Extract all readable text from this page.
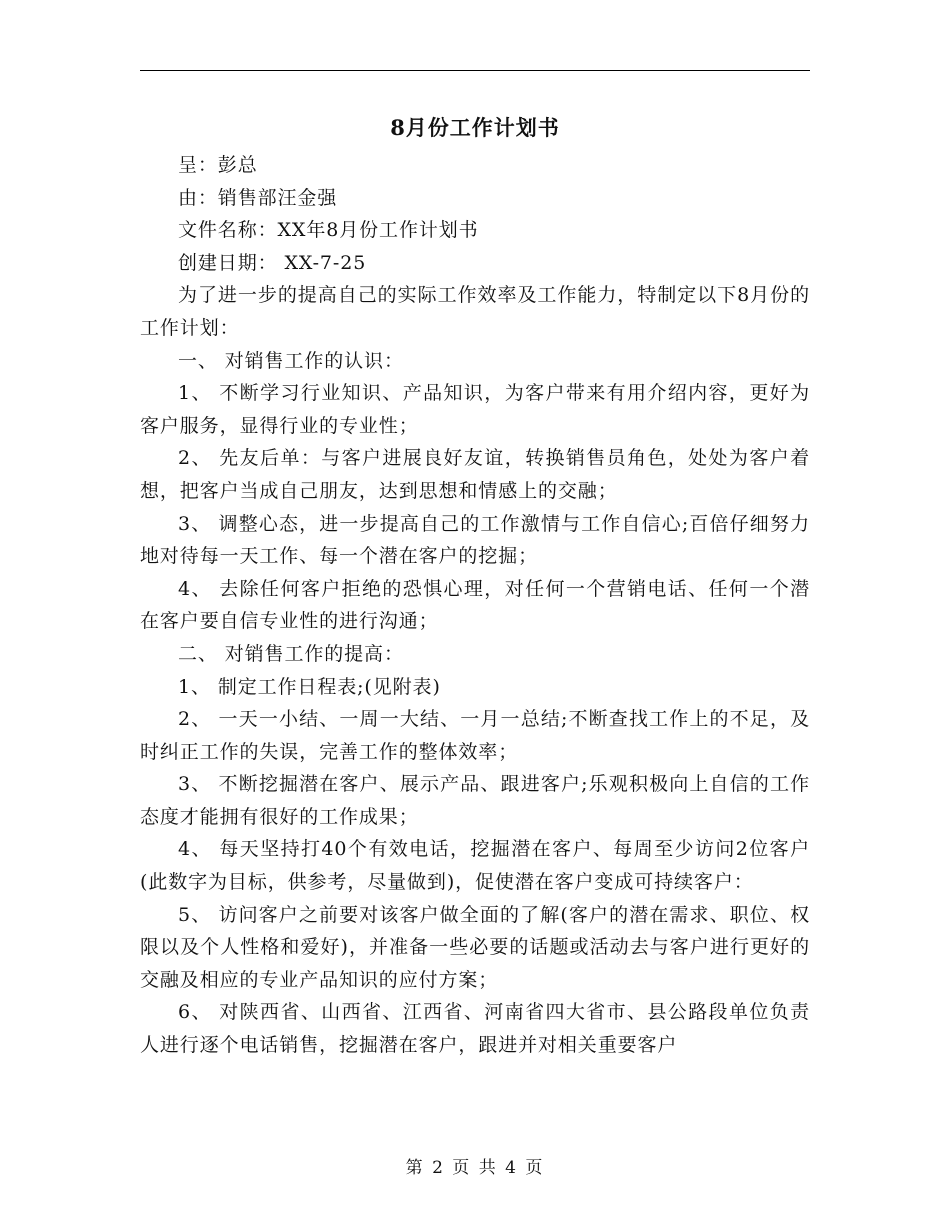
8月份工作计划书

呈：彭总

由：销售部汪金强

文件名称：XX年8月份工作计划书

创建日期： XX-7-25

为了进一步的提高自己的实际工作效率及工作能力，特制定以下8月份的工作计划：

一、 对销售工作的认识：

1、 不断学习行业知识、产品知识，为客户带来有用介绍内容，更好为客户服务，显得行业的专业性；

2、 先友后单：与客户进展良好友谊，转换销售员角色，处处为客户着想，把客户当成自己朋友，达到思想和情感上的交融；

3、 调整心态，进一步提高自己的工作激情与工作自信心;百倍仔细努力地对待每一天工作、每一个潜在客户的挖掘；

4、 去除任何客户拒绝的恐惧心理，对任何一个营销电话、任何一个潜在客户要自信专业性的进行沟通；

二、 对销售工作的提高：

1、 制定工作日程表;(见附表)

2、 一天一小结、一周一大结、一月一总结;不断查找工作上的不足，及时纠正工作的失误，完善工作的整体效率；

3、 不断挖掘潜在客户、展示产品、跟进客户;乐观积极向上自信的工作态度才能拥有很好的工作成果；

4、 每天坚持打40个有效电话，挖掘潜在客户、每周至少访问2位客户(此数字为目标，供参考，尽量做到)，促使潜在客户变成可持续客户：

5、 访问客户之前要对该客户做全面的了解(客户的潜在需求、职位、权限以及个人性格和爱好)，并准备一些必要的话题或活动去与客户进行更好的交融及相应的专业产品知识的应付方案；

6、 对陕西省、山西省、江西省、河南省四大省市、县公路段单位负责人进行逐个电话销售，挖掘潜在客户，跟进并对相关重要客户

第 2 页 共 4 页
